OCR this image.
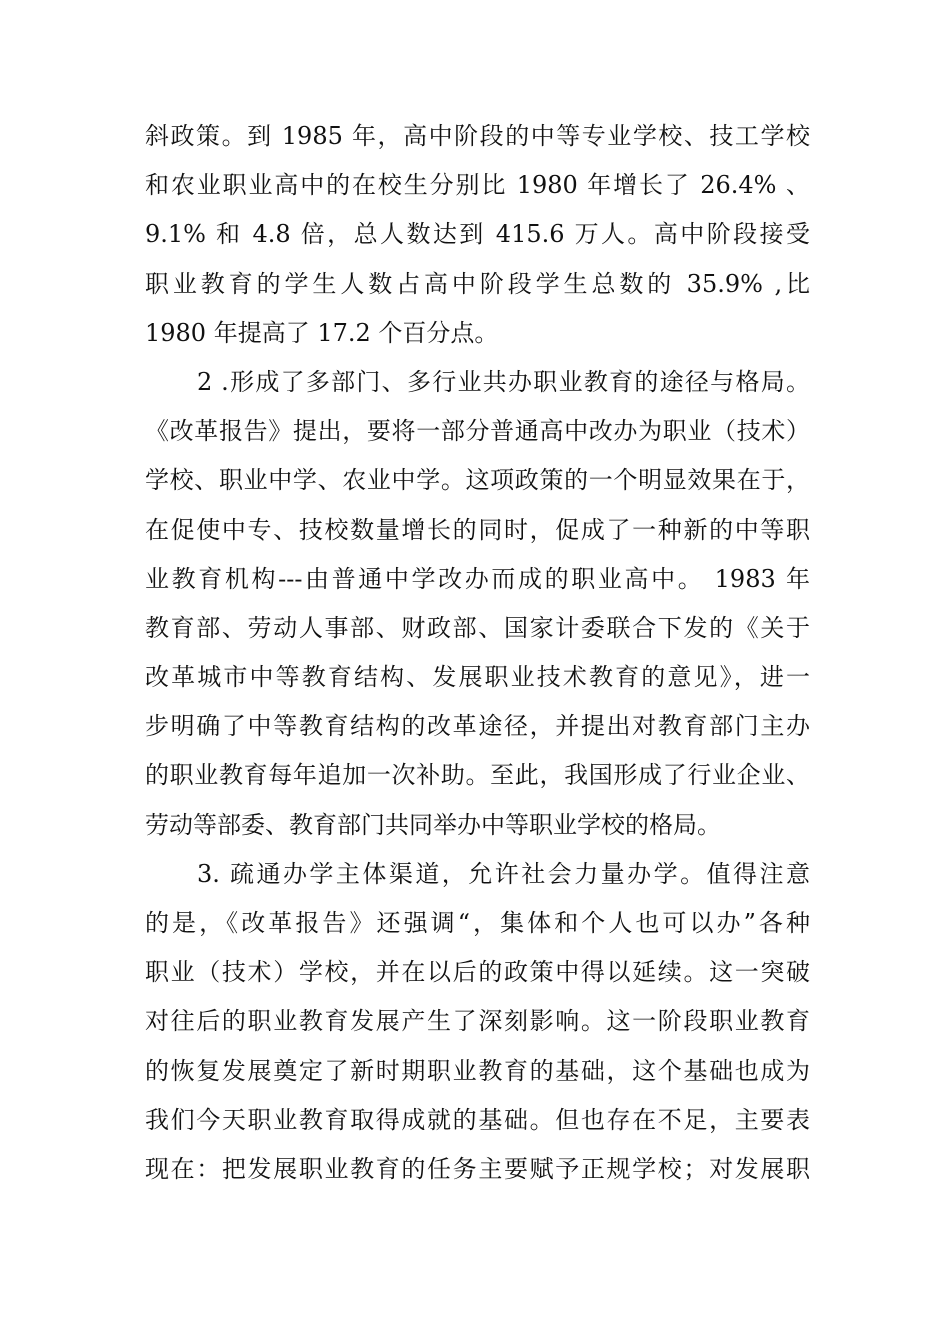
斜政策。到 1985 年，高中阶段的中等专业学校、技工学校
和农业职业高中的在校生分别比 1980 年增长了 26.4% 、
9.1% 和 4.8 倍，总人数达到 415.6 万人。高中阶段接受
职业教育的学生人数占高中阶段学生总数的 35.9% ,比
1980 年提高了 17.2 个百分点。
2 .形成了多部门、多行业共办职业教育的途径与格局。
《改革报告》提出，要将一部分普通高中改办为职业（技术）
学校、职业中学、农业中学。这项政策的一个明显效果在于，
在促使中专、技校数量增长的同时，促成了一种新的中等职
业教育机构---由普通中学改办而成的职业高中。 1983 年
教育部、劳动人事部、财政部、国家计委联合下发的《关于
改革城市中等教育结构、发展职业技术教育的意见》，进一
步明确了中等教育结构的改革途径，并提出对教育部门主办
的职业教育每年追加一次补助。至此，我国形成了行业企业、
劳动等部委、教育部门共同举办中等职业学校的格局。
3. 疏通办学主体渠道，允许社会力量办学。值得注意
的是，《改革报告》还强调“，集体和个人也可以办”各种
职业（技术）学校，并在以后的政策中得以延续。这一突破
对往后的职业教育发展产生了深刻影响。这一阶段职业教育
的恢复发展奠定了新时期职业教育的基础，这个基础也成为
我们今天职业教育取得成就的基础。但也存在不足，主要表
现在：把发展职业教育的任务主要赋予正规学校；对发展职
